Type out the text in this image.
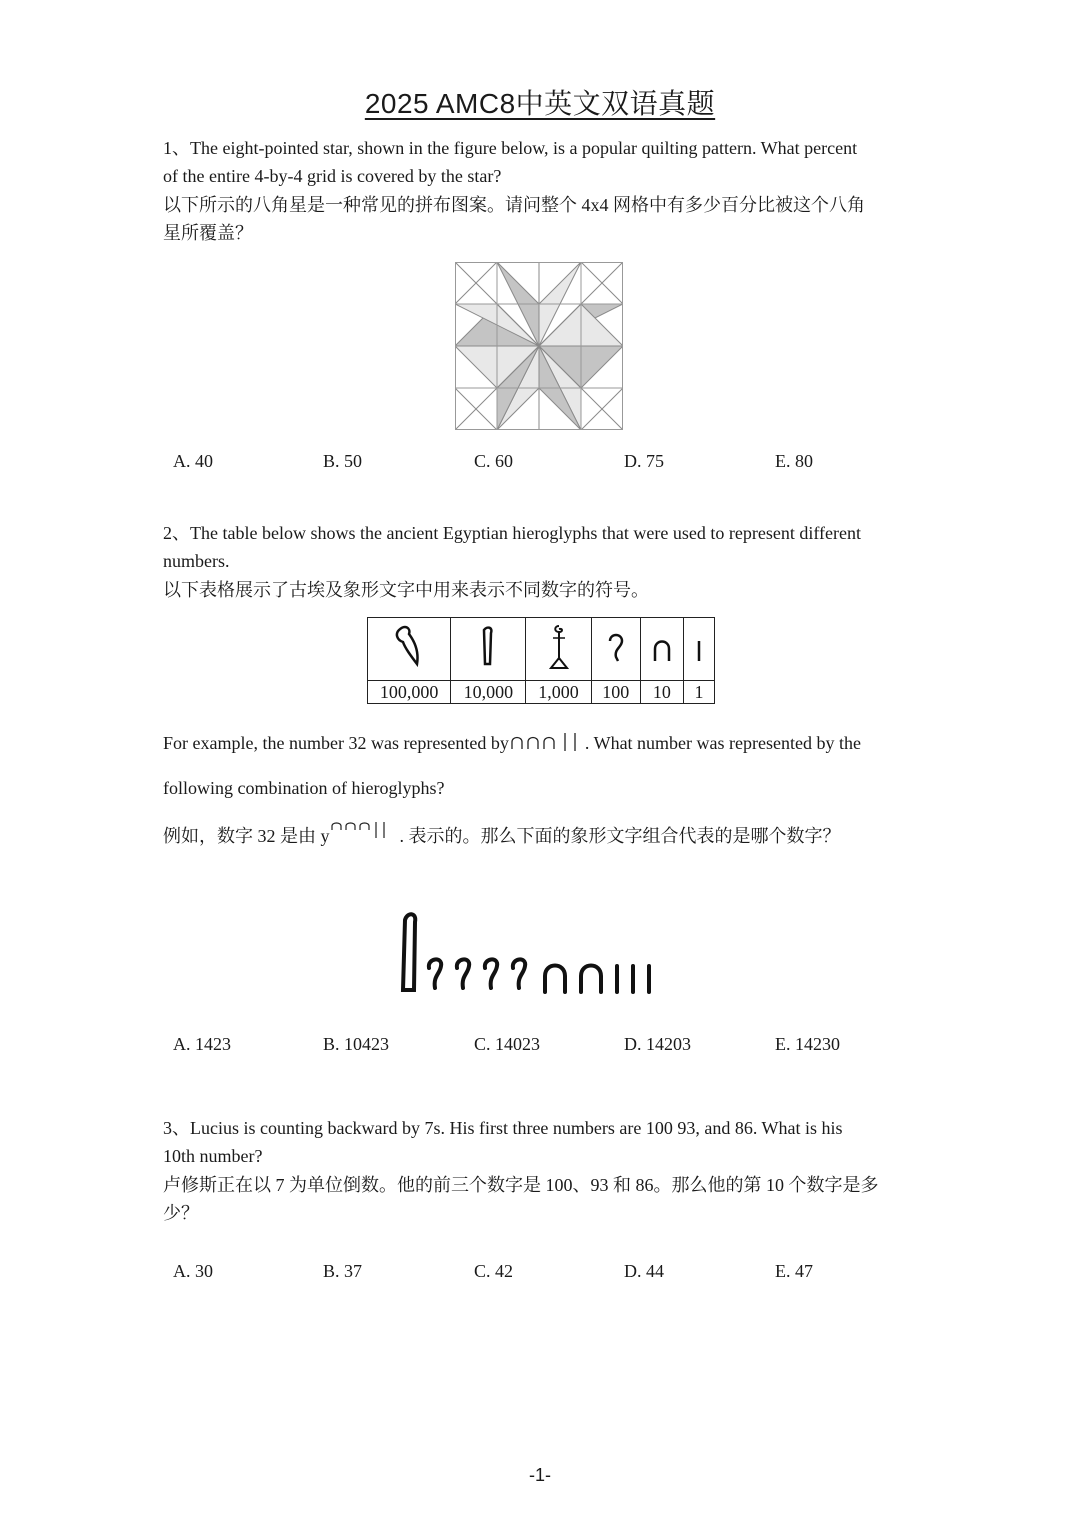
2025 AMC8中英文双语真题
1、The eight-pointed star, shown in the figure below, is a popular quilting pattern. What percent
of the entire 4-by-4 grid is covered by the star?
以下所示的八角星是一种常见的拼布图案。请问整个 4x4 网格中有多少百分比被这个八角
星所覆盖？
A. 40	B. 50	C. 60	D. 75	E. 80
2、The table below shows the ancient Egyptian hieroglyphs that were used to represent different
numbers.
以下表格展示了古埃及象形文字中用来表示不同数字的符号。

100,000	10,000	1,000	100	10	1
For example, the number 32 was represented by	. What number was represented by the
following combination of hieroglyphs?
例如，数字 32 是由 y	. 表示的。那么下面的象形文字组合代表的是哪个数字？
A. 1423	B. 10423	C. 14023	D. 14203	E. 14230
3、Lucius is counting backward by 7s. His first three numbers are 100 93, and 86. What is his
10th number?
卢修斯正在以 7 为单位倒数。他的前三个数字是 100、93 和 86。那么他的第 10 个数字是多
少？
A. 30	B. 37	C. 42	D. 44	E. 47
-1-
